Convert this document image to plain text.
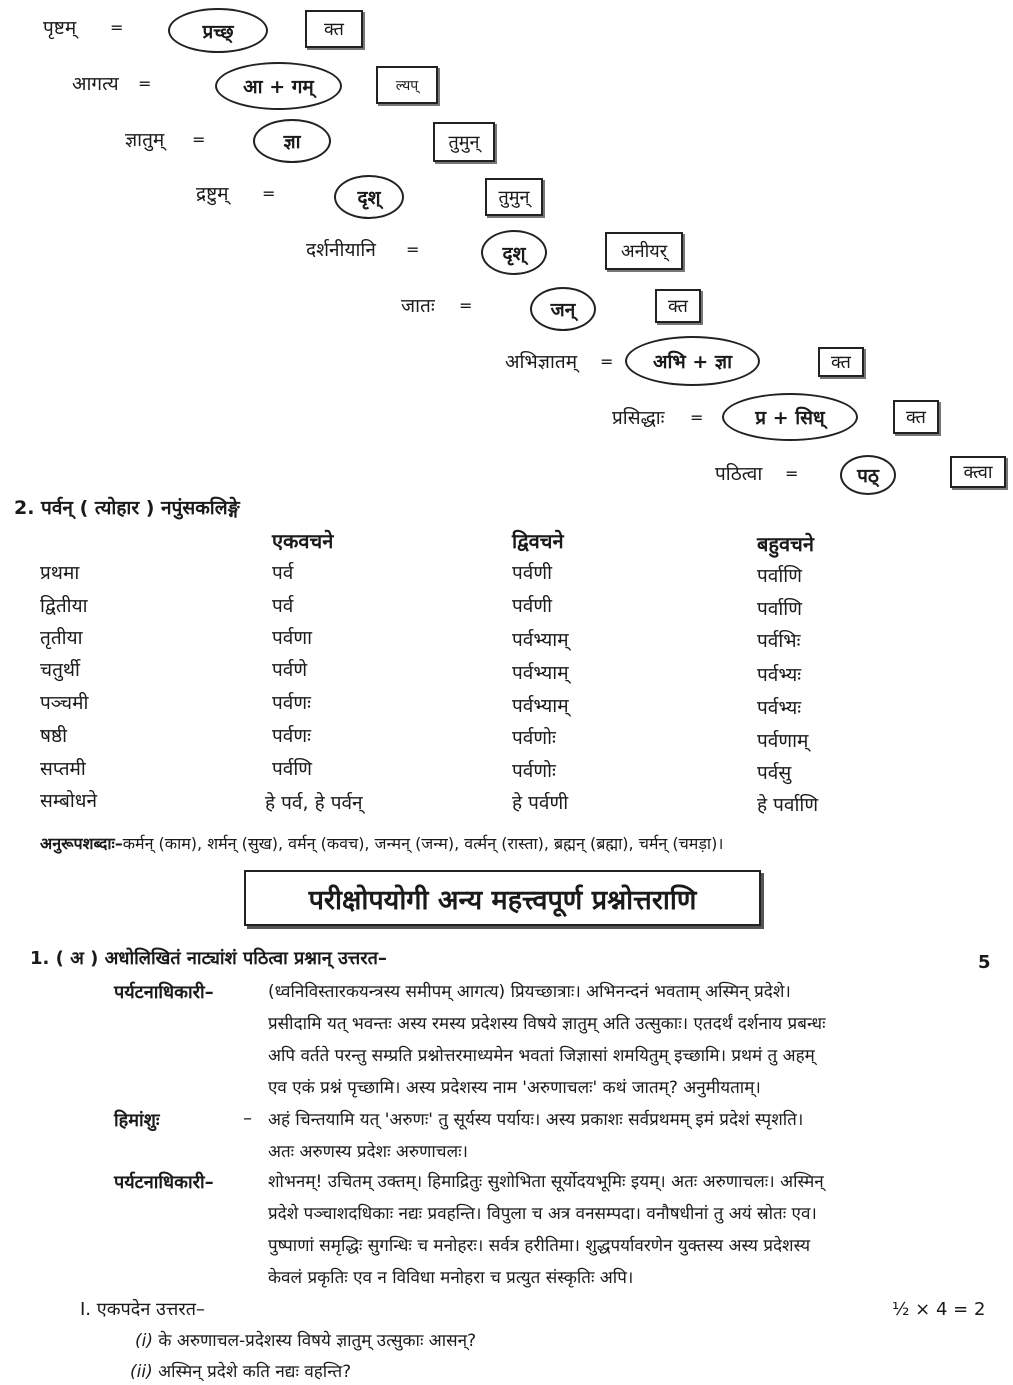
पृष्टम् =	प्रच्छ्	क्त
आगत्य =	आ + गम्	ल्यप्
ज्ञातुम् =	ज्ञा	तुमुन्
द्रष्टुम् =	दृश्	तुमुन्
दर्शनीयानि =	दृश्	अनीयर्
जातः =	जन्	क्त
अभिज्ञातम् = अभि + ज्ञा	क्त
प्रसिद्धाः =	प्र + सिध्	क्त
पठित्वा =	पठ्	क्त्वा
2. पर्वन् ( त्योहार ) नपुंसकलिङ्गे
एकवचने	द्विवचने	बहुवचने
प्रथमा	पर्व	पर्वणी	पर्वाणि
द्वितीया	पर्व	पर्वणी	पर्वाणि
तृतीया	पर्वणा	पर्वभ्याम्	पर्वभिः
चतुर्थी	पर्वणे	पर्वभ्याम्	पर्वभ्यः
पञ्चमी	पर्वणः	पर्वभ्याम्	पर्वभ्यः
षष्ठी	पर्वणः	पर्वणोः	पर्वणाम्
सप्तमी	पर्वणि	पर्वणोः	पर्वसु
सम्बोधने	हे पर्व, हे पर्वन्	हे पर्वणी	हे पर्वाणि
अनुरूपशब्दाः–कर्मन् (काम), शर्मन् (सुख), वर्मन् (कवच), जन्मन् (जन्म), वर्त्मन् (रास्ता), ब्रह्मन् (ब्रह्मा), चर्मन् (चमड़ा)।
परीक्षोपयोगी अन्य महत्त्वपूर्ण प्रश्नोत्तराणि
1. ( अ ) अधोलिखितं नाट्यांशं पठित्वा प्रश्नान् उत्तरत–	5
पर्यटनाधिकारी–	(ध्वनिविस्तारकयन्त्रस्य समीपम् आगत्य) प्रियच्छात्राः। अभिनन्दनं भवताम् अस्मिन् प्रदेशे।
प्रसीदामि यत् भवन्तः अस्य रमस्य प्रदेशस्य विषये ज्ञातुम् अति उत्सुकाः। एतदर्थं दर्शनाय प्रबन्धः
अपि वर्तते परन्तु सम्प्रति प्रश्नोत्तरमाध्यमेन भवतां जिज्ञासां शमयितुम् इच्छामि। प्रथमं तु अहम्
एव एकं प्रश्नं पृच्छामि। अस्य प्रदेशस्य नाम 'अरुणाचलः' कथं जातम्? अनुमीयताम्।
हिमांशुः	– अहं चिन्तयामि यत् 'अरुणः' तु सूर्यस्य पर्यायः। अस्य प्रकाशः सर्वप्रथमम् इमं प्रदेशं स्पृशति।
अतः अरुणस्य प्रदेशः अरुणाचलः।
पर्यटनाधिकारी–	शोभनम्! उचितम् उक्तम्। हिमाद्रितुः सुशोभिता सूर्योदयभूमिः इयम्। अतः अरुणाचलः। अस्मिन्
प्रदेशे पञ्चाशदधिकाः नद्यः प्रवहन्ति। विपुला च अत्र वनसम्पदा। वनौषधीनां तु अयं स्रोतः एव।
पुष्पाणां समृद्धिः सुगन्धिः च मनोहरः। सर्वत्र हरीतिमा। शुद्धपर्यावरणेन युक्तस्य अस्य प्रदेशस्य
केवलं प्रकृतिः एव न विविधा मनोहरा च प्रत्युत संस्कृतिः अपि।
I. एकपदेन उत्तरत–	½ × 4 = 2
(i) के अरुणाचल-प्रदेशस्य विषये ज्ञातुम् उत्सुकाः आसन्?
(ii) अस्मिन् प्रदेशे कति नद्यः वहन्ति?
